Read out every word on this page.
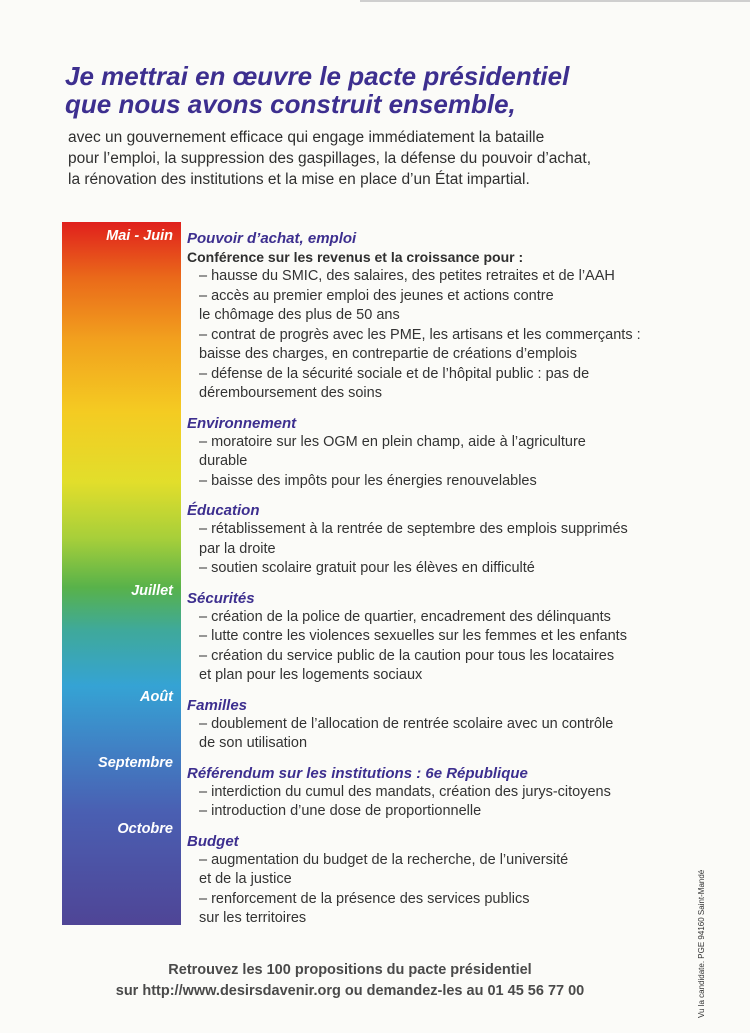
Je mettrai en œuvre le pacte présidentiel
que nous avons construit ensemble,

avec un gouvernement efficace qui engage immédiatement la bataille
pour l’emploi, la suppression des gaspillages, la défense du pouvoir d’achat,
la rénovation des institutions et la mise en place d’un État impartial.

Mai - Juin
Juillet
Août
Septembre
Octobre
Pouvoir d’achat, emploi
Conférence sur les revenus et la croissance pour :
– hausse du SMIC, des salaires, des petites retraites et de l’AAH
– accès au premier emploi des jeunes et actions contre
le chômage des plus de 50 ans
– contrat de progrès avec les PME, les artisans et les commerçants :
baisse des charges, en contrepartie de créations d’emplois
– défense de la sécurité sociale et de l’hôpital public : pas de
déremboursement des soins
Environnement
– moratoire sur les OGM en plein champ, aide à l’agriculture
durable
– baisse des impôts pour les énergies renouvelables
Éducation
– rétablissement à la rentrée de septembre des emplois supprimés
par la droite
– soutien scolaire gratuit pour les élèves en difficulté
Sécurités
– création de la police de quartier, encadrement des délinquants
– lutte contre les violences sexuelles sur les femmes et les enfants
– création du service public de la caution pour tous les locataires
et plan pour les logements sociaux
Familles
– doublement de l’allocation de rentrée scolaire avec un contrôle
de son utilisation
Référendum sur les institutions : 6e République
– interdiction du cumul des mandats, création des jurys-citoyens
– introduction d’une dose de proportionnelle
Budget
– augmentation du budget de la recherche, de l’université
et de la justice
– renforcement de la présence des services publics
sur les territoires
Retrouvez les 100 propositions du pacte présidentiel
sur http://www.desirsdavenir.org ou demandez-les au 01 45 56 77 00	Vu la candidate. PGE 94160 Saint-Mandé
